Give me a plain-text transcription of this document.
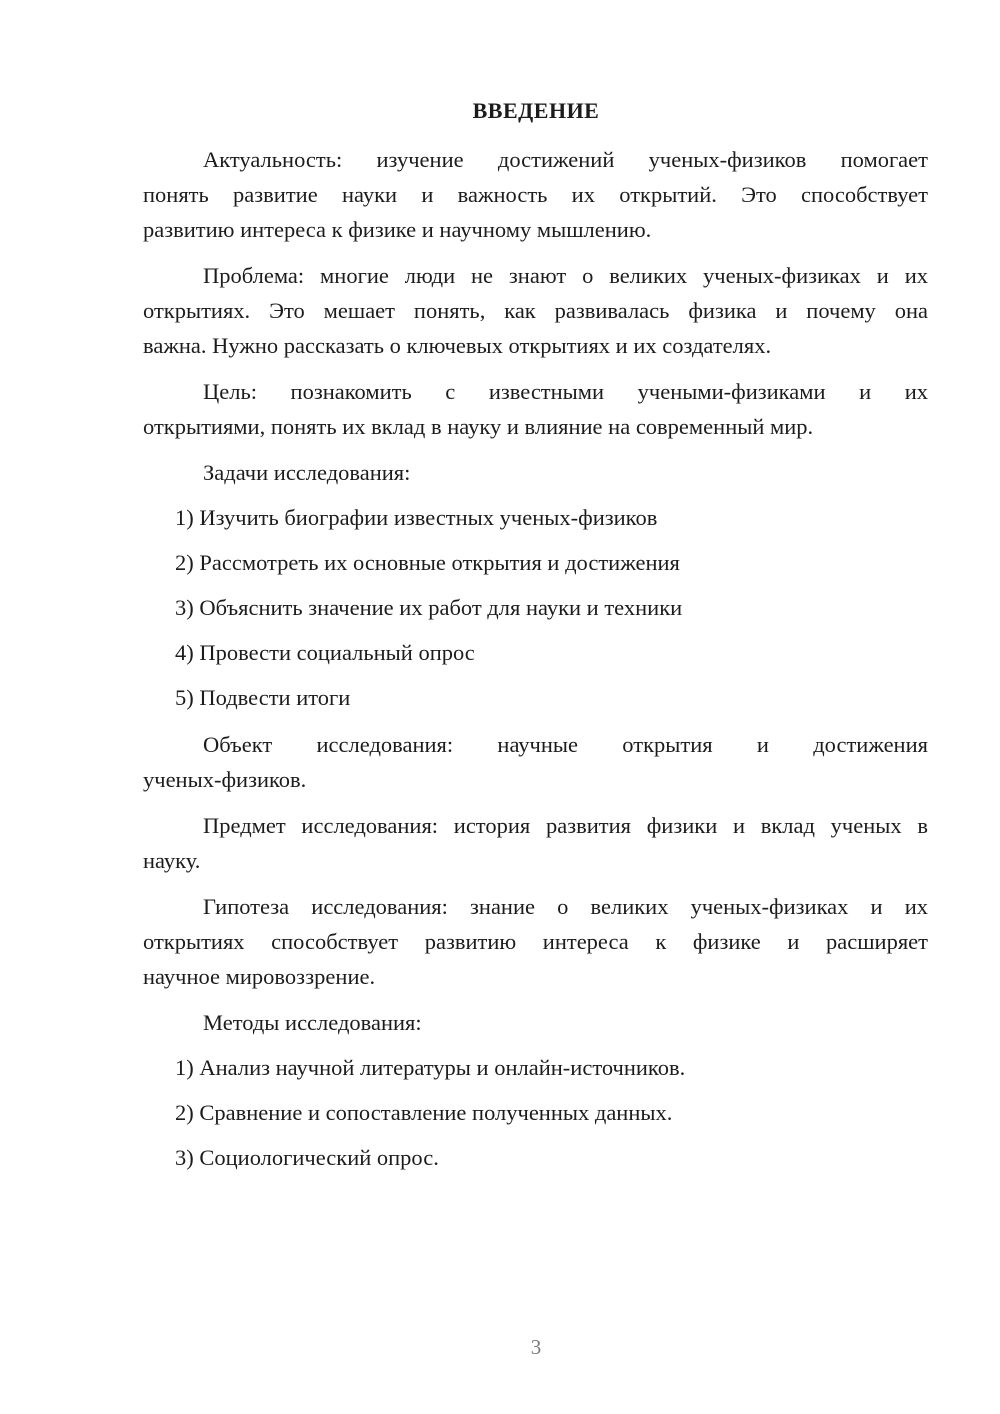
ВВЕДЕНИЕ

Актуальность: изучение достижений ученых-физиков помогает

понять развитие науки и важность их открытий. Это способствует

развитию интереса к физике и научному мышлению.

Проблема: многие люди не знают о великих ученых-физиках и их

открытиях. Это мешает понять, как развивалась физика и почему она

важна. Нужно рассказать о ключевых открытиях и их создателях.

Цель: познакомить с известными учеными-физиками и их

открытиями, понять их вклад в науку и влияние на современный мир.

Задачи исследования:

1) Изучить биографии известных ученых-физиков

2) Рассмотреть их основные открытия и достижения

3) Объяснить значение их работ для науки и техники

4) Провести социальный опрос

5) Подвести итоги

Объект исследования: научные открытия и достижения

ученых-физиков.

Предмет исследования: история развития физики и вклад ученых в

науку.

Гипотеза исследования: знание о великих ученых-физиках и их

открытиях способствует развитию интереса к физике и расширяет

научное мировоззрение.

Методы исследования:

1) Анализ научной литературы и онлайн-источников.

2) Сравнение и сопоставление полученных данных.

3) Социологический опрос.

3
